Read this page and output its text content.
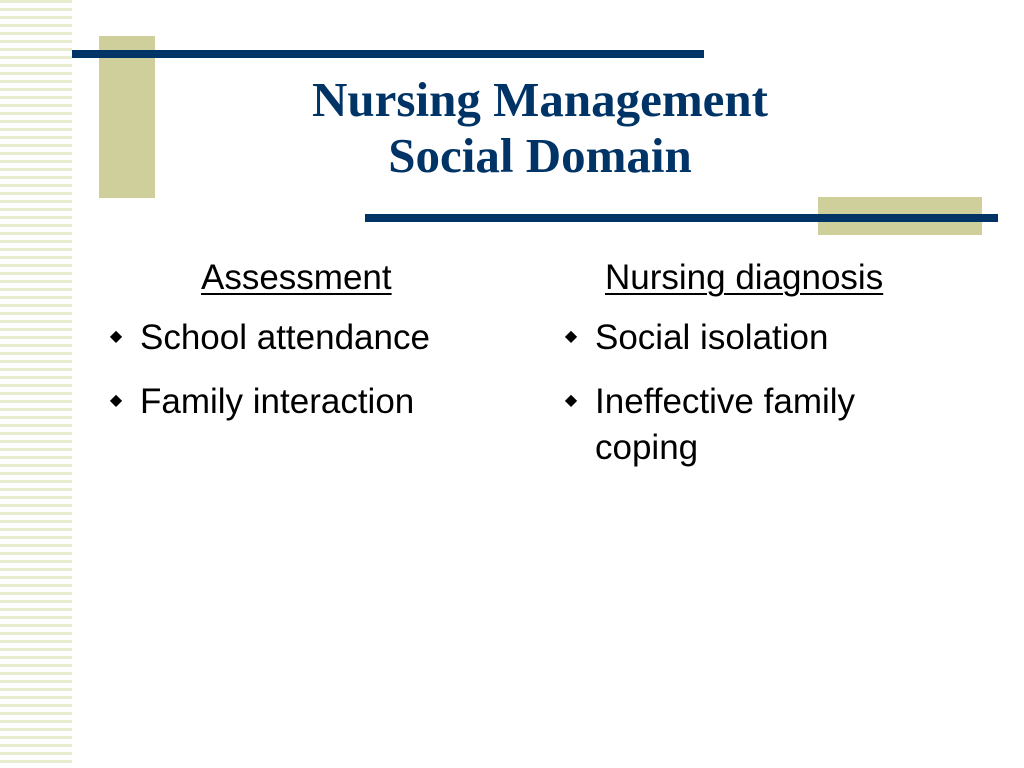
Nursing Management
Social Domain
Assessment
◆ School attendance
◆ Family interaction
Nursing diagnosis
◆ Social isolation
◆ Ineffective family coping
